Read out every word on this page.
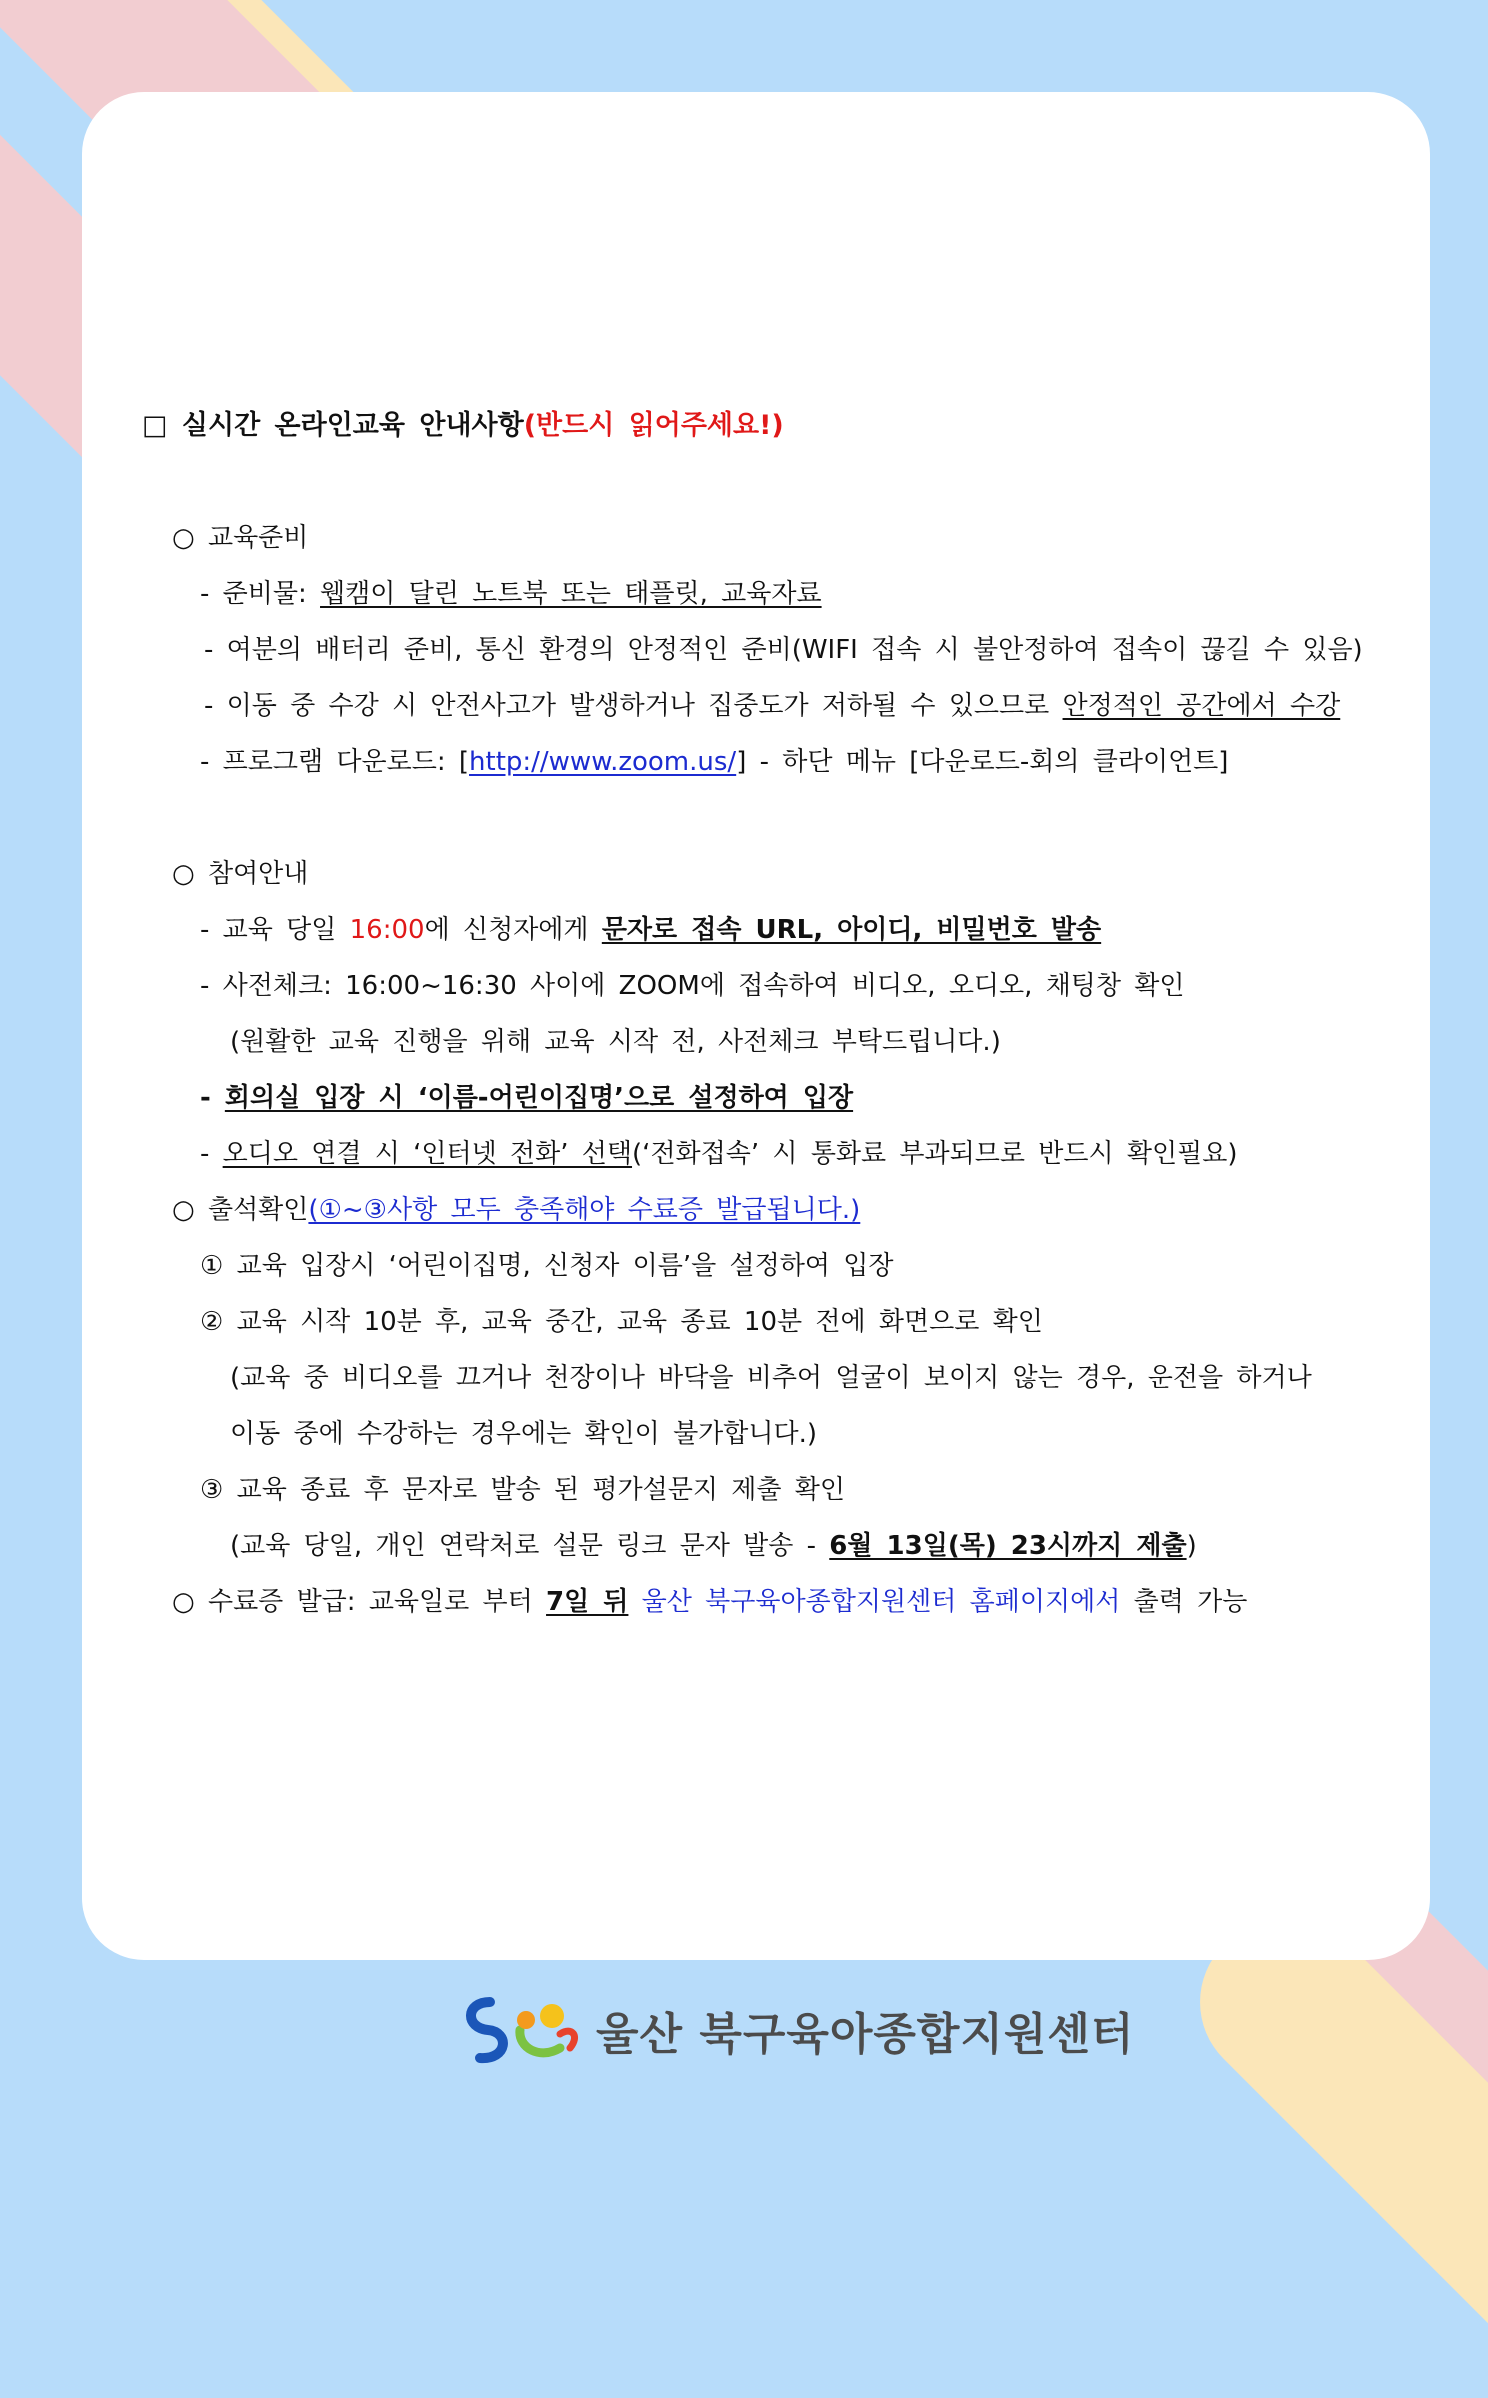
□ 실시간 온라인교육 안내사항(반드시 읽어주세요!)
○ 교육준비
- 준비물: 웹캠이 달린 노트북 또는 태플릿, 교육자료
- 여분의 배터리 준비, 통신 환경의 안정적인 준비(WIFI 접속 시 불안정하여 접속이 끊길 수 있음)
- 이동 중 수강 시 안전사고가 발생하거나 집중도가 저하될 수 있으므로 안정적인 공간에서 수강
- 프로그램 다운로드: [http://www.zoom.us/] - 하단 메뉴 [다운로드-회의 클라이언트]
○ 참여안내
- 교육 당일 16:00에 신청자에게 문자로 접속 URL, 아이디, 비밀번호 발송
- 사전체크: 16:00~16:30 사이에 ZOOM에 접속하여 비디오, 오디오, 채팅창 확인
(원활한 교육 진행을 위해 교육 시작 전, 사전체크 부탁드립니다.)
- 회의실 입장 시 ‘이름-어린이집명’으로 설정하여 입장
- 오디오 연결 시 ‘인터넷 전화’ 선택(‘전화접속’ 시 통화료 부과되므로 반드시 확인필요)
○ 출석확인(①~③사항 모두 충족해야 수료증 발급됩니다.)
① 교육 입장시 ‘어린이집명, 신청자 이름’을 설정하여 입장
② 교육 시작 10분 후, 교육 중간, 교육 종료 10분 전에 화면으로 확인
(교육 중 비디오를 끄거나 천장이나 바닥을 비추어 얼굴이 보이지 않는 경우, 운전을 하거나
이동 중에 수강하는 경우에는 확인이 불가합니다.)
③ 교육 종료 후 문자로 발송 된 평가설문지 제출 확인
(교육 당일, 개인 연락처로 설문 링크 문자 발송 - 6월 13일(목) 23시까지 제출)
○ 수료증 발급: 교육일로 부터 7일 뒤 울산 북구육아종합지원센터 홈페이지에서 출력 가능
울산 북구육아종합지원센터
